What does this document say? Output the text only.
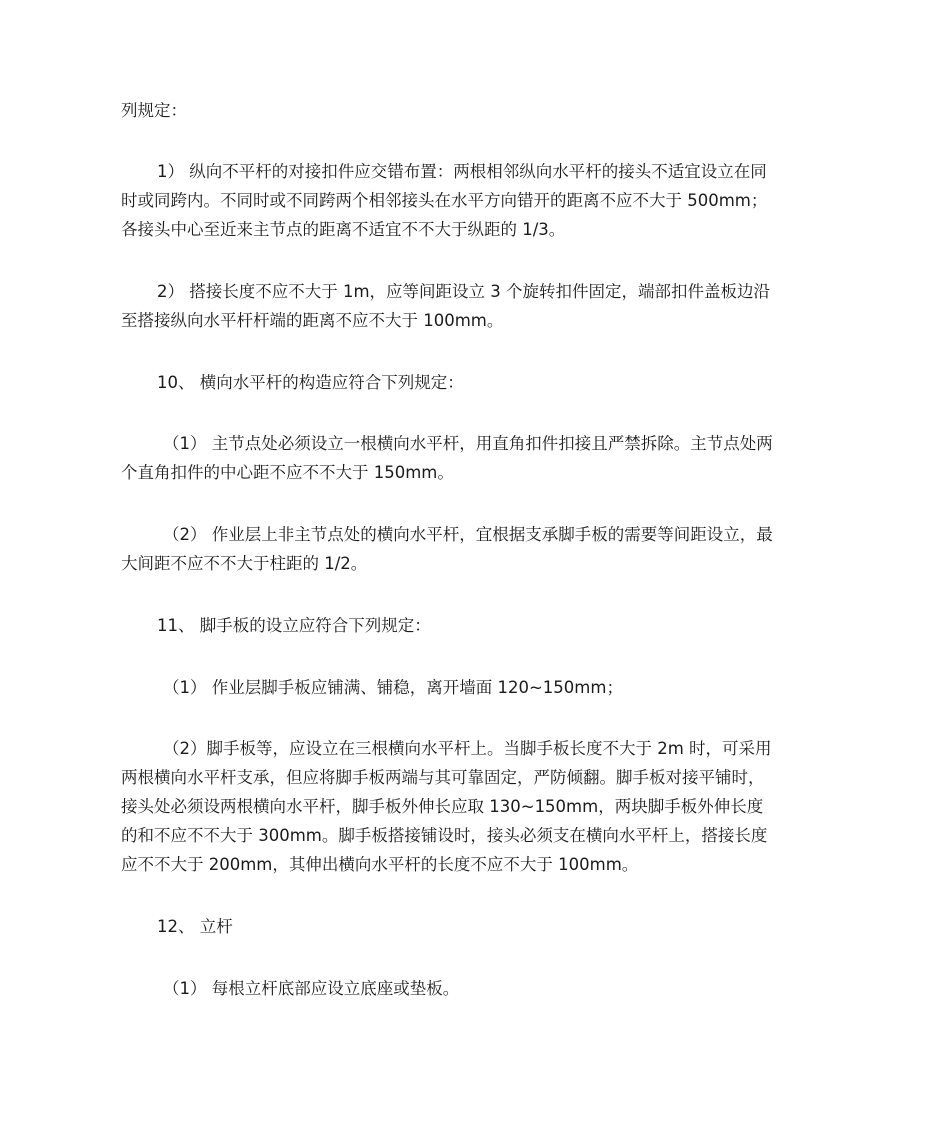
列规定：

1） 纵向不平杆的对接扣件应交错布置：两根相邻纵向水平杆的接头不适宜设立在同
时或同跨内。不同时或不同跨两个相邻接头在水平方向错开的距离不应不大于 500mm；
各接头中心至近来主节点的距离不适宜不不大于纵距的 1/3。

2） 搭接长度不应不大于 1m，应等间距设立 3 个旋转扣件固定，端部扣件盖板边沿
至搭接纵向水平杆杆端的距离不应不大于 100mm。

10、 横向水平杆的构造应符合下列规定：

（1） 主节点处必须设立一根横向水平杆，用直角扣件扣接且严禁拆除。主节点处两
个直角扣件的中心距不应不不大于 150mm。

（2） 作业层上非主节点处的横向水平杆，宜根据支承脚手板的需要等间距设立，最
大间距不应不不大于柱距的 1/2。

11、 脚手板的设立应符合下列规定：

（1） 作业层脚手板应铺满、铺稳，离开墙面 120~150mm；

（2）脚手板等，应设立在三根横向水平杆上。当脚手板长度不大于 2m 时，可采用
两根横向水平杆支承，但应将脚手板两端与其可靠固定，严防倾翻。脚手板对接平铺时，
接头处必须设两根横向水平杆，脚手板外伸长应取 130~150mm，两块脚手板外伸长度
的和不应不不大于 300mm。脚手板搭接铺设时，接头必须支在横向水平杆上，搭接长度
应不不大于 200mm，其伸出横向水平杆的长度不应不大于 100mm。

12、 立杆

（1） 每根立杆底部应设立底座或垫板。
